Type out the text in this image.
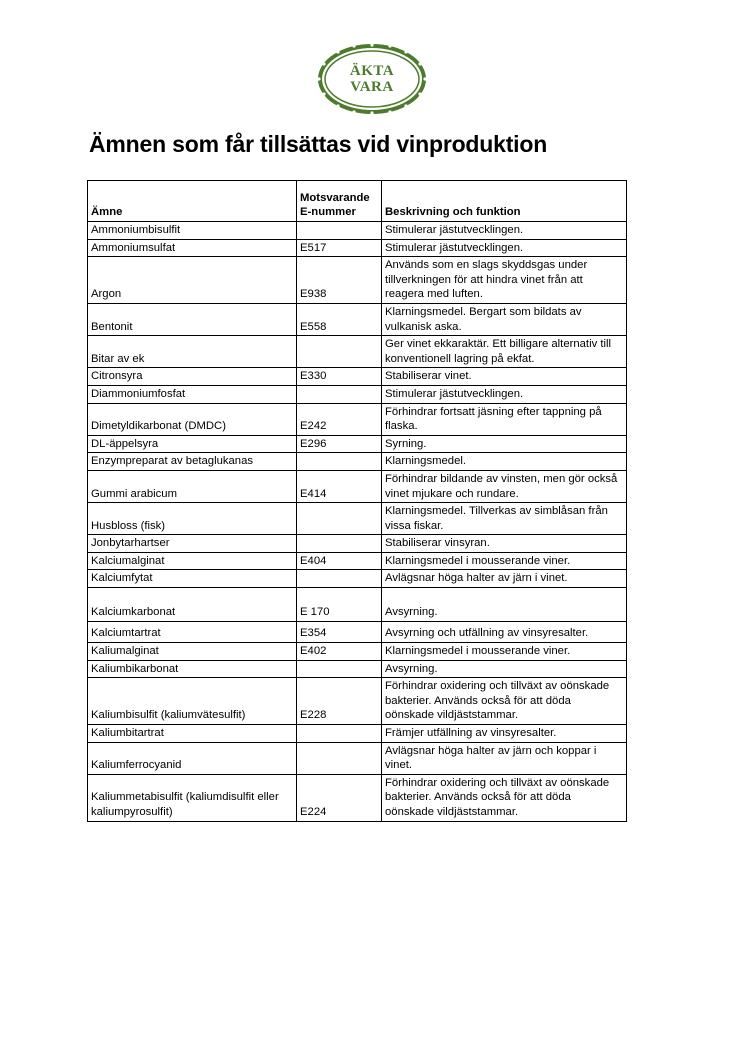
ÄKTA
VARA
Ämnen som får tillsättas vid vinproduktion
Ämne	Motsvarande E-nummer	Beskrivning och funktion
Ammoniumbisulfit		Stimulerar jästutvecklingen.
Ammoniumsulfat	E517	Stimulerar jästutvecklingen.
Argon	E938	Används som en slags skyddsgas under tillverkningen för att hindra vinet från att reagera med luften.
Bentonit	E558	Klarningsmedel. Bergart som bildats av vulkanisk aska.
Bitar av ek		Ger vinet ekkaraktär. Ett billigare alternativ till konventionell lagring på ekfat.
Citronsyra	E330	Stabiliserar vinet.
Diammoniumfosfat		Stimulerar jästutvecklingen.
Dimetyldikarbonat (DMDC)	E242	Förhindrar fortsatt jäsning efter tappning på flaska.
DL-äppelsyra	E296	Syrning.
Enzympreparat av betaglukanas		Klarningsmedel.
Gummi arabicum	E414	Förhindrar bildande av vinsten, men gör också vinet mjukare och rundare.
Husbloss (fisk)		Klarningsmedel. Tillverkas av simblåsan från vissa fiskar.
Jonbytarhartser		Stabiliserar vinsyran.
Kalciumalginat	E404	Klarningsmedel i mousserande viner.
Kalciumfytat		Avlägsnar höga halter av järn i vinet.
Kalciumkarbonat	E 170	Avsyrning.
Kalciumtartrat	E354	Avsyrning och utfällning av vinsyresalter.
Kaliumalginat	E402	Klarningsmedel i mousserande viner.
Kaliumbikarbonat		Avsyrning.
Kaliumbisulfit (kaliumvätesulfit)	E228	Förhindrar oxidering och tillväxt av oönskade bakterier. Används också för att döda oönskade vildjäststammar.
Kaliumbitartrat		Främjer utfällning av vinsyresalter.
Kaliumferrocyanid		Avlägsnar höga halter av järn och koppar i vinet.
Kaliummetabisulfit (kaliumdisulfit eller kaliumpyrosulfit)	E224	Förhindrar oxidering och tillväxt av oönskade bakterier. Används också för att döda oönskade vildjäststammar.
